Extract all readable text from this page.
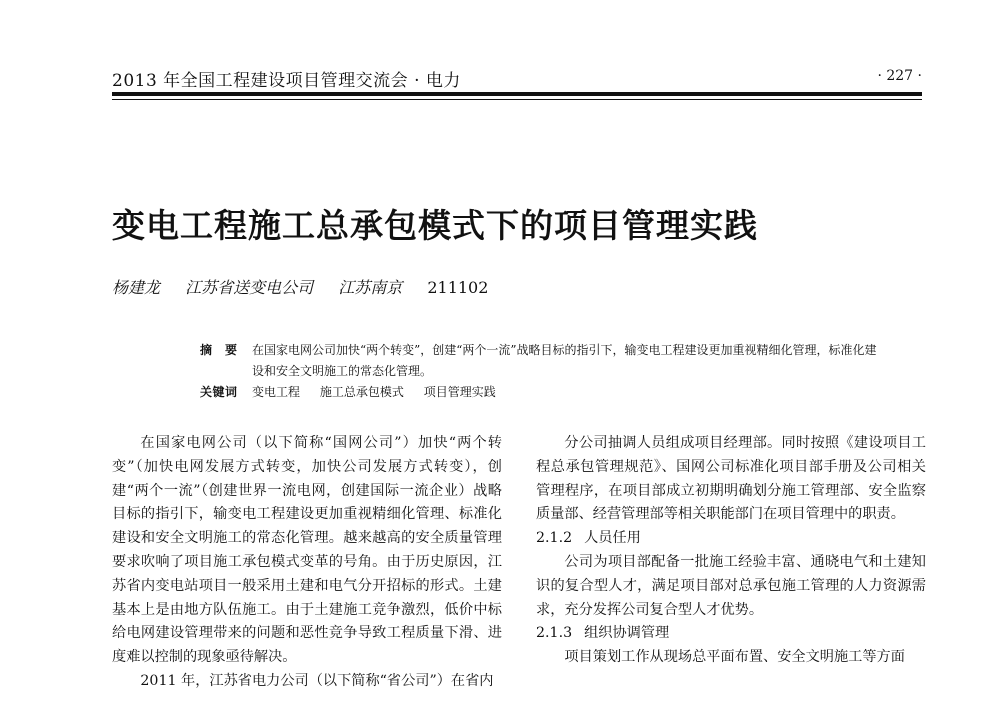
2013 年全国工程建设项目管理交流会 · 电力	· 227 ·
变电工程施工总承包模式下的项目管理实践
杨建龙 江苏省送变电公司 江苏南京 211102
摘　要	在国家电网公司加快“两个转变”，创建“两个一流”战略目标的指引下，输变电工程建设更加重视精细化管理，标准化建设和安全文明施工的常态化管理。
关键词	变电工程 施工总承包模式 项目管理实践

在国家电网公司（以下简称“国网公司”）加快“两个转变”（加快电网发展方式转变，加快公司发展方式转变），创建“两个一流”（创建世界一流电网，创建国际一流企业）战略目标的指引下，输变电工程建设更加重视精细化管理、标准化建设和安全文明施工的常态化管理。越来越高的安全质量管理要求吹响了项目施工承包模式变革的号角。由于历史原因，江苏省内变电站项目一般采用土建和电气分开招标的形式。土建基本上是由地方队伍施工。由于土建施工竞争激烈，低价中标给电网建设管理带来的问题和恶性竞争导致工程质量下滑、进度难以控制的现象亟待解决。

2011 年，江苏省电力公司（以下简称“省公司”）在省内

分公司抽调人员组成项目经理部。同时按照《建设项目工程总承包管理规范》、国网公司标准化项目部手册及公司相关管理程序，在项目部成立初期明确划分施工管理部、安全监察质量部、经营管理部等相关职能部门在项目管理中的职责。

2.1.2 人员任用

公司为项目部配备一批施工经验丰富、通晓电气和土建知识的复合型人才，满足项目部对总承包施工管理的人力资源需求，充分发挥公司复合型人才优势。

2.1.3 组织协调管理

项目策划工作从现场总平面布置、安全文明施工等方面
